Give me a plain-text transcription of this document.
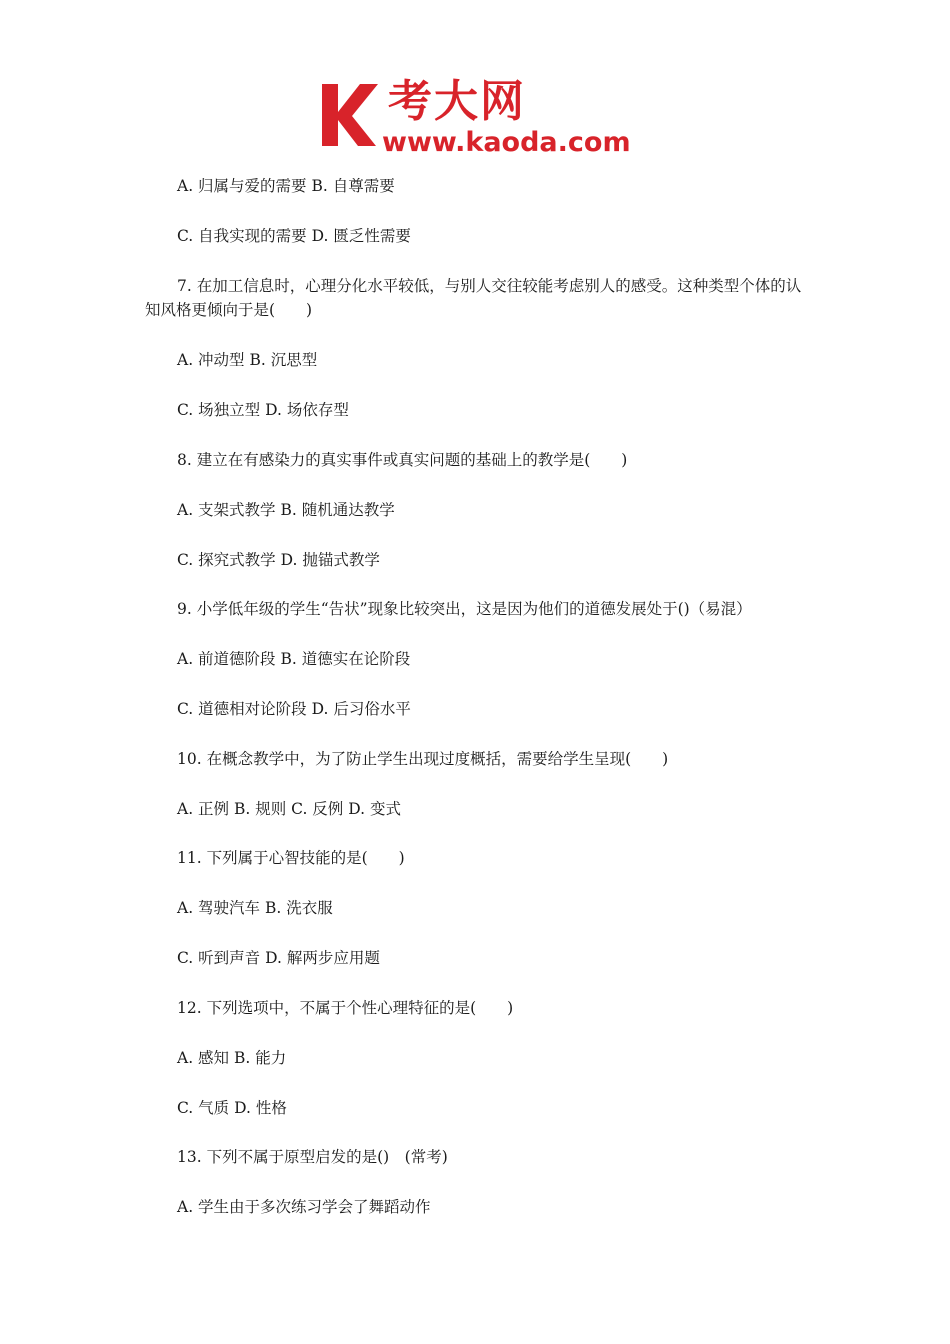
考大网
www.kaoda.com
A. 归属与爱的需要 B. 自尊需要
C. 自我实现的需要 D. 匮乏性需要
7. 在加工信息时，心理分化水平较低，与别人交往较能考虑别人的感受。这种类型个体的认知风格更倾向于是(　　)
A. 冲动型 B. 沉思型
C. 场独立型 D. 场依存型
8. 建立在有感染力的真实事件或真实问题的基础上的教学是(　　)
A. 支架式教学 B. 随机通达教学
C. 探究式教学 D. 抛锚式教学
9. 小学低年级的学生“告状”现象比较突出，这是因为他们的道德发展处于()（易混）
A. 前道德阶段 B. 道德实在论阶段
C. 道德相对论阶段 D. 后习俗水平
10. 在概念教学中，为了防止学生出现过度概括，需要给学生呈现(　　)
A. 正例 B. 规则 C. 反例 D. 变式
11. 下列属于心智技能的是(　　)
A. 驾驶汽车 B. 洗衣服
C. 听到声音 D. 解两步应用题
12. 下列选项中，不属于个性心理特征的是(　　)
A. 感知 B. 能力
C. 气质 D. 性格
13. 下列不属于原型启发的是()　(常考)
A. 学生由于多次练习学会了舞蹈动作
